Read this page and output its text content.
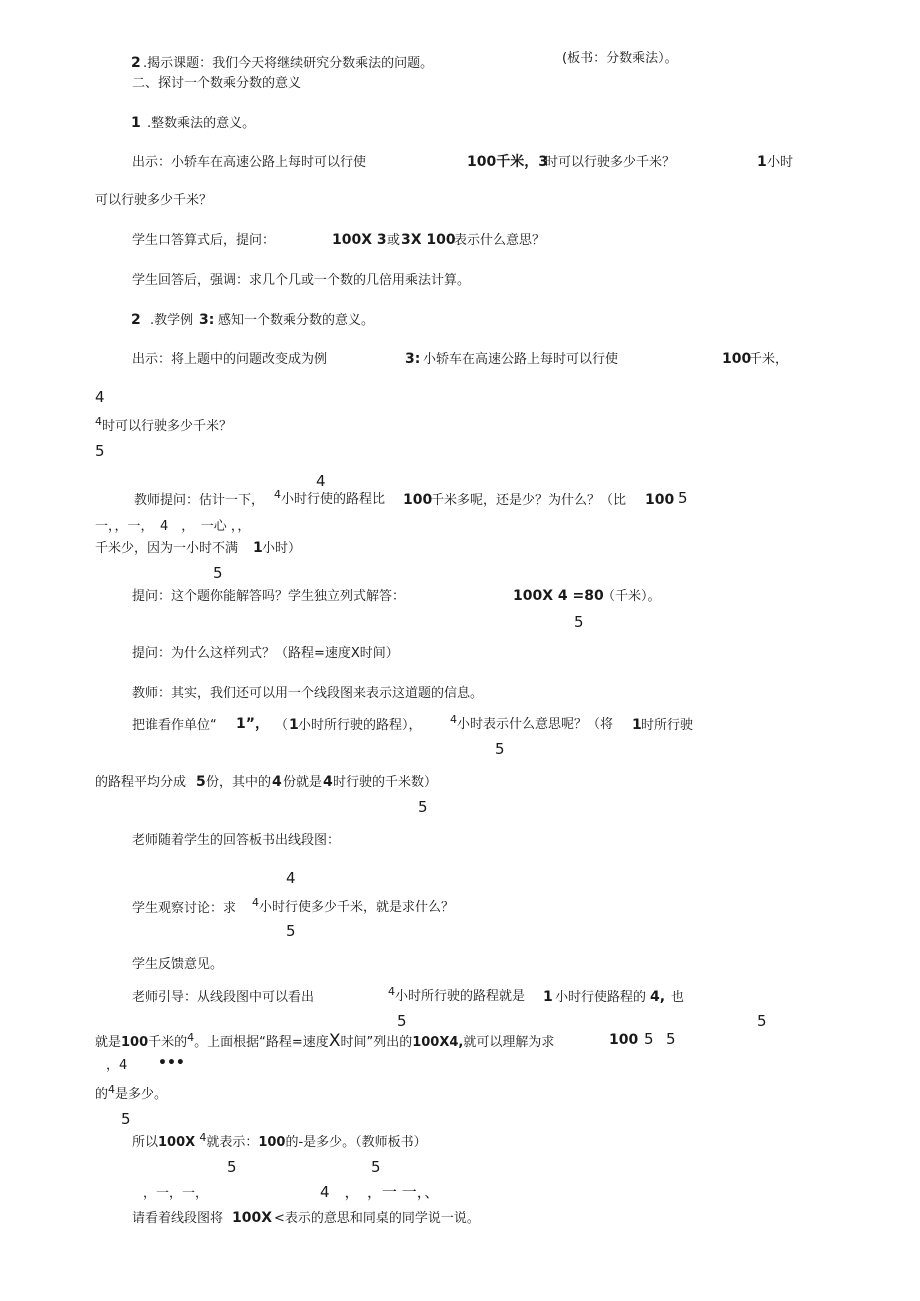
2 .揭示课题：我们今天将继续研究分数乘法的问题。	(板书：分数乘法）。
二、探讨一个数乘分数的意义
1 .整数乘法的意义。
出示：小轿车在高速公路上每时可以行使	100千米，3
时可以行驶多少千米？	1 小时
可以行驶多少千米？
学生口答算式后，提问：	100X 3 或 3X 100
表示什么意思？
学生回答后，强调：求几个几或一个数的几倍用乘法计算。
2 .教学例 3: 感知一个数乘分数的意义。
出示：将上题中的问题改变成为例	3: 小轿车在高速公路上每时可以行使	100
千米，
4
$^4$时可以行驶多少千米？
5
4
教师提问：估计一下， $^4$小时行使的路程比 100
千米多呢，还是少？为什么？（比 100 5
一，，一，　4　，　一心 ，，
千米少，因为一小时不满 1 小时）
5
提问：这个题你能解答吗？学生独立列式解答：	100X 4 =80
（千米）。
5
提问：为什么这样列式？（路程=速度X时间）
教师：其实，我们还可以用一个线段图来表示这道题的信息。
把谁看作单位“ 1”， （ 1 小时所行驶的路程），	$^4$小时表示什么意思呢？（将 1 时所行驶
5
的路程平均分成 5 份，其中的 4 份就是 4 时行驶的千米数）
5
老师随着学生的回答板书出线段图：
4
学生观察讨论：求 $^4$小时行使多少千米，就是求什么？
5
学生反馈意见。
老师引导：从线段图中可以看出	$^4$小时所行驶的路程就是 1 小时行使路程的 4, 也
5	5
就是100千米的$^4$。上面根据“路程=速度X时间”列出的100X4,就可以理解为求	100 5 5
，4 •••
的$^4$是多少。
5
所以100X $^4$就表示：100的-是多少。（教师板书）
5	5
，一，一，	4　，　，一 一，、
请看着线段图将 100X <表示的意思和同桌的同学说一说。
